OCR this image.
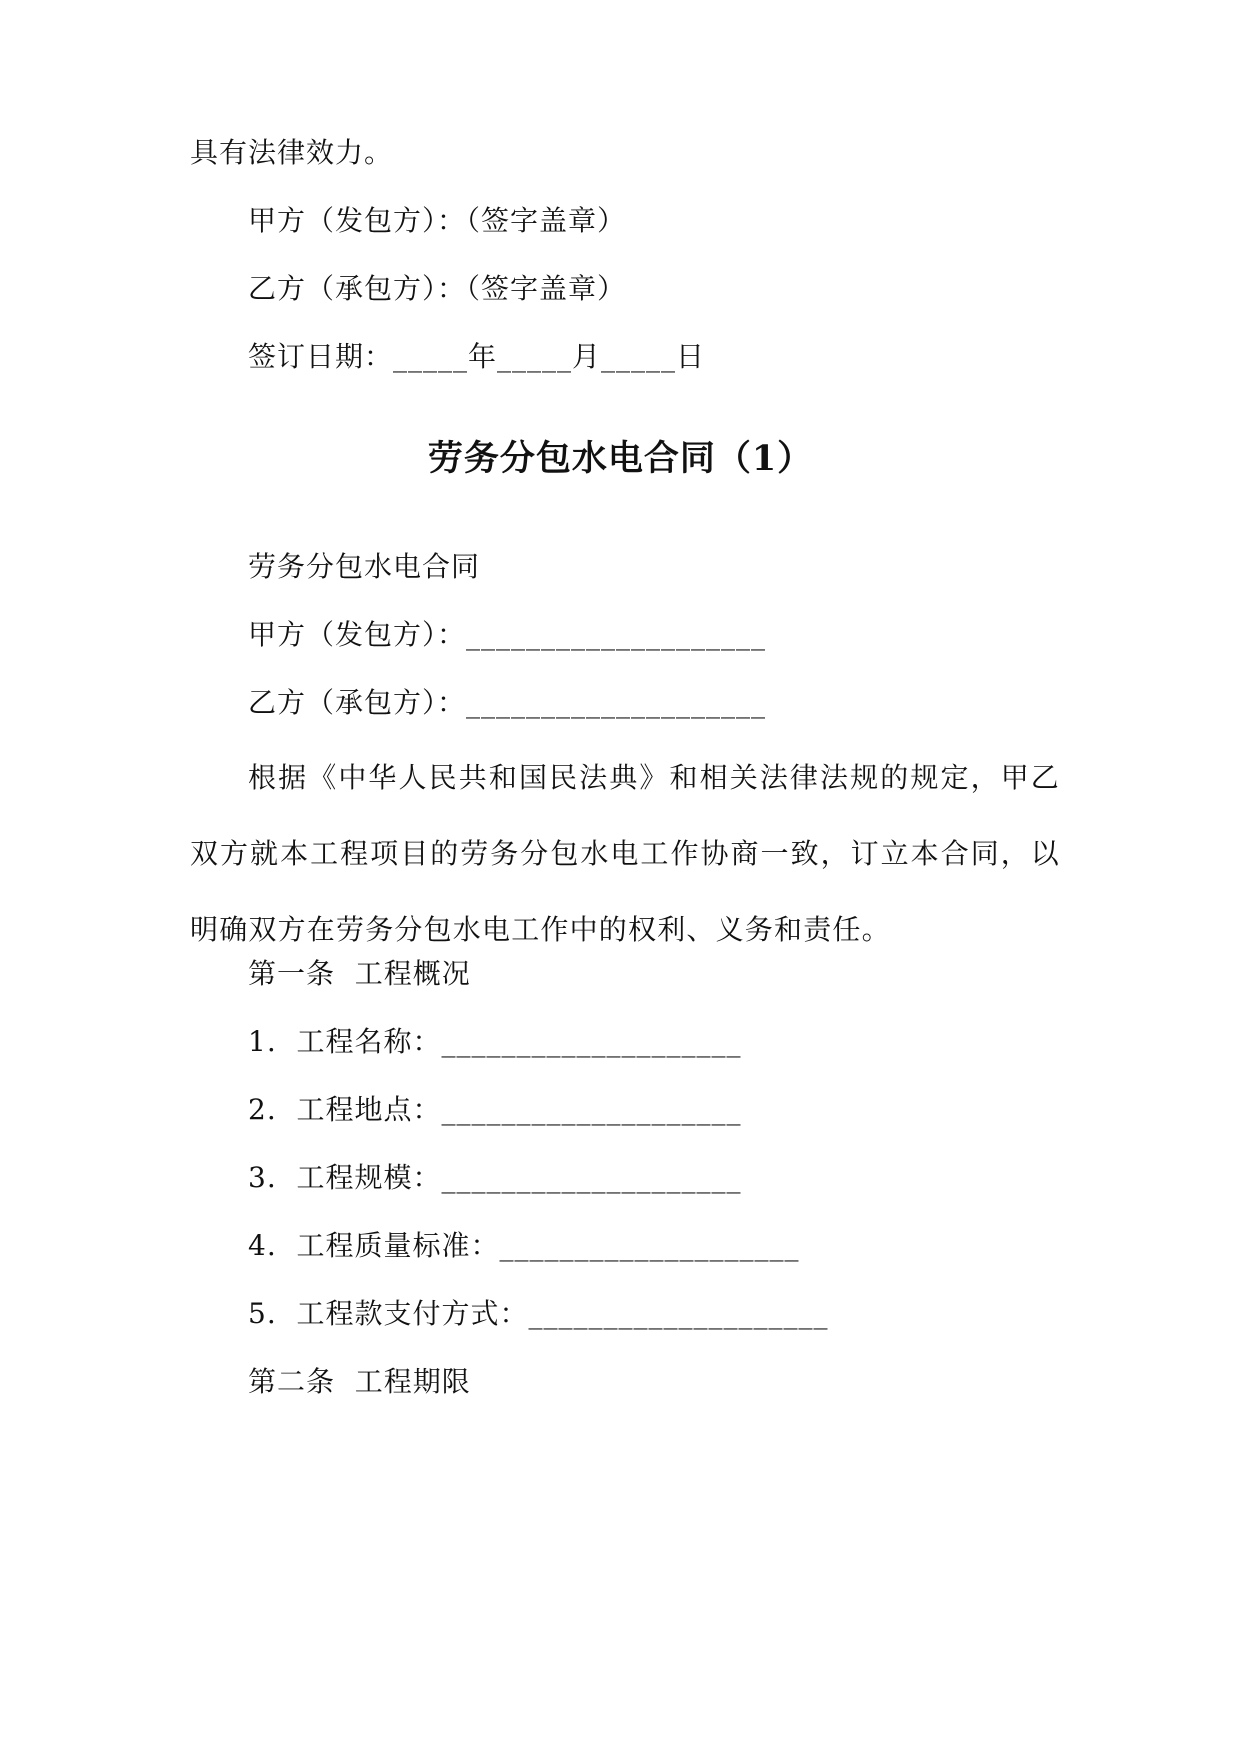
具有法律效力。
甲方（发包方）：（签字盖章）
乙方（承包方）：（签字盖章）
签订日期：_____年_____月_____日
劳务分包水电合同（1）
劳务分包水电合同
甲方（发包方）：____________________
乙方（承包方）：____________________
根据《中华人民共和国民法典》和相关法律法规的规定，甲乙双方就本工程项目的劳务分包水电工作协商一致，订立本合同，以明确双方在劳务分包水电工作中的权利、义务和责任。
第一条  工程概况
1.  工程名称：____________________
2.  工程地点：____________________
3.  工程规模：____________________
4.  工程质量标准：____________________
5.  工程款支付方式：____________________
第二条  工程期限
